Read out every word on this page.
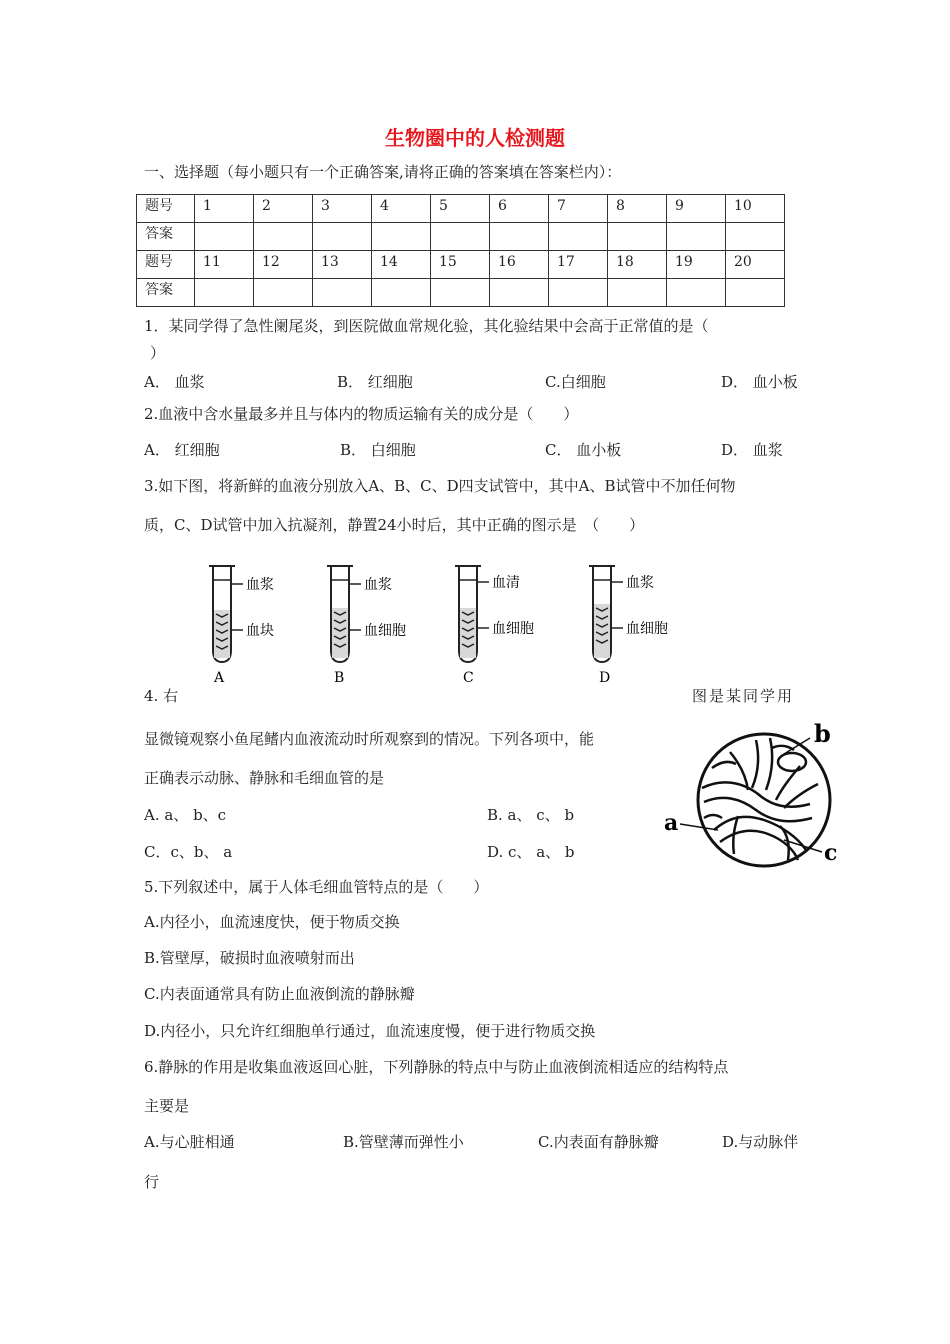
生物圈中的人检测题
一、选择题（每小题只有一个正确答案,请将正确的答案填在答案栏内）：
题号	1	2	3	4	5	6	7	8	9	10
答案										
题号	11	12	13	14	15	16	17	18	19	20
答案										
1．某同学得了急性阑尾炎，到医院做血常规化验，其化验结果中会高于正常值的是（
）
A． 血浆	B． 红细胞	C.白细胞	D． 血小板
2.血液中含水量最多并且与体内的物质运输有关的成分是（　　）
A． 红细胞	B． 白细胞	C． 血小板	D． 血浆
3.如下图，将新鲜的血液分别放入A、B、C、D四支试管中，其中A、B试管中不加任何物
质，C、D试管中加入抗凝剂，静置24小时后，其中正确的图示是　（　　）
血浆
血块
A
血浆
血细胞
B
血清
血细胞
C
血浆
血细胞
D
4. 右	图是某同学用
显微镜观察小鱼尾鳍内血液流动时所观察到的情况。下列各项中，能
正确表示动脉、静脉和毛细血管的是
A. a、 b、c	B. a、 c、 b
C．c、b、 a	D. c、 a、 b
a
b
c
5.下列叙述中，属于人体毛细血管特点的是（　　）
A.内径小，血流速度快，便于物质交换
B.管壁厚，破损时血液喷射而出
C.内表面通常具有防止血液倒流的静脉瓣
D.内径小，只允许红细胞单行通过，血流速度慢，便于进行物质交换
6.静脉的作用是收集血液返回心脏，下列静脉的特点中与防止血液倒流相适应的结构特点
主要是
A.与心脏相通	B.管壁薄而弹性小	C.内表面有静脉瓣	D.与动脉伴
行
